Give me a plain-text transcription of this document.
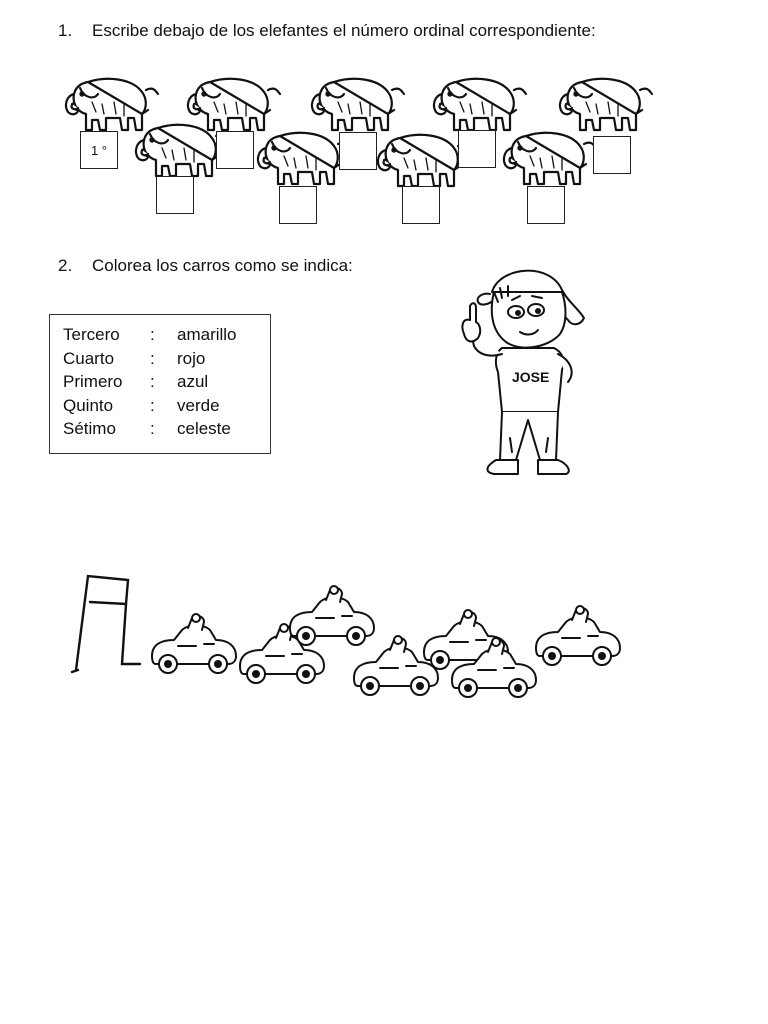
1. Escribe debajo de los elefantes el número ordinal correspondiente:
1 °
2. Colorea los carros como se indica:
Tercero	:	amarillo
Cuarto	:	rojo
Primero	:	azul
Quinto	:	verde
Sétimo	:	celeste
JOSE
